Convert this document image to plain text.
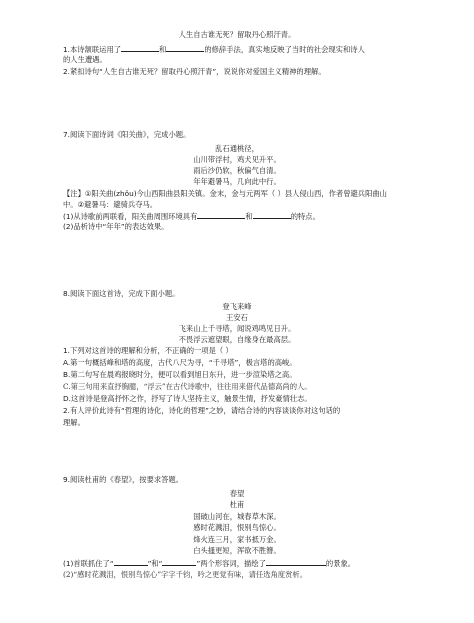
人生自古谁无死？留取丹心照汗青。
1.本诗颔联运用了	和	的修辞手法，真实地反映了当时的社会现实和诗人
的人生遭遇。
2.紧扣诗句“人生自古谁无死？留取丹心照汗青”，说说你对爱国主义精神的理解。
7.阅读下面诗词《阳关曲》，完成小题。
乱石通桃径，
山川带浮村，鸡犬见升平。
雨后沙仍软，秋偏气自清。
年年避暑马，几向此中行。
【注】①阳关曲(zhǒu)今山西阳曲县阳关镇。金末，金与元两军（ ）县人侵山西，作者曾避兵阳曲山
中。②避暑马：避骑兵夺马。
(1)从诗歌前两联看，阳关曲周围环境具有	和	的特点。
(2)品析诗中“年年”的表达效果。
8.阅读下面这首诗，完成下面小题。
登飞来峰
王安石
飞来山上千寻塔，闻说鸡鸣见日升。
不畏浮云遮望眼，自缘身在最高层。
1.下列对这首诗的理解和分析，不正确的一项是（ ）
A.第一句概括峰和塔的高度，古代八尺为寻，“千寻塔”，极言塔的高峻。
B.第二句写在晨鸡报晓时分，便可以看到旭日东升，进一步渲染塔之高。
C.第三句用来直抒胸臆，“浮云”在古代诗歌中，往往用来借代品德高尚的人。
D.这首诗是登高抒怀之作，抒写了诗人坚持主义，触景生情，抒发豪情壮志。
2.有人评价此诗有“哲理的诗化，诗化的哲理”之妙，请结合诗的内容谈谈你对这句话的
理解。
9.阅读杜甫的《春望》，按要求答题。
春望
杜甫
国破山河在，城春草木深。
感时花溅泪，恨别鸟惊心。
烽火连三月，家书抵万金。
白头搔更短，浑欲不胜簪。
(1)首联抓住了“	”和“	”两个形容词，描绘了	的景象。
(2)“感时花溅泪，恨别鸟惊心”字字千钧，吟之更觉有味，请任选角度赏析。
